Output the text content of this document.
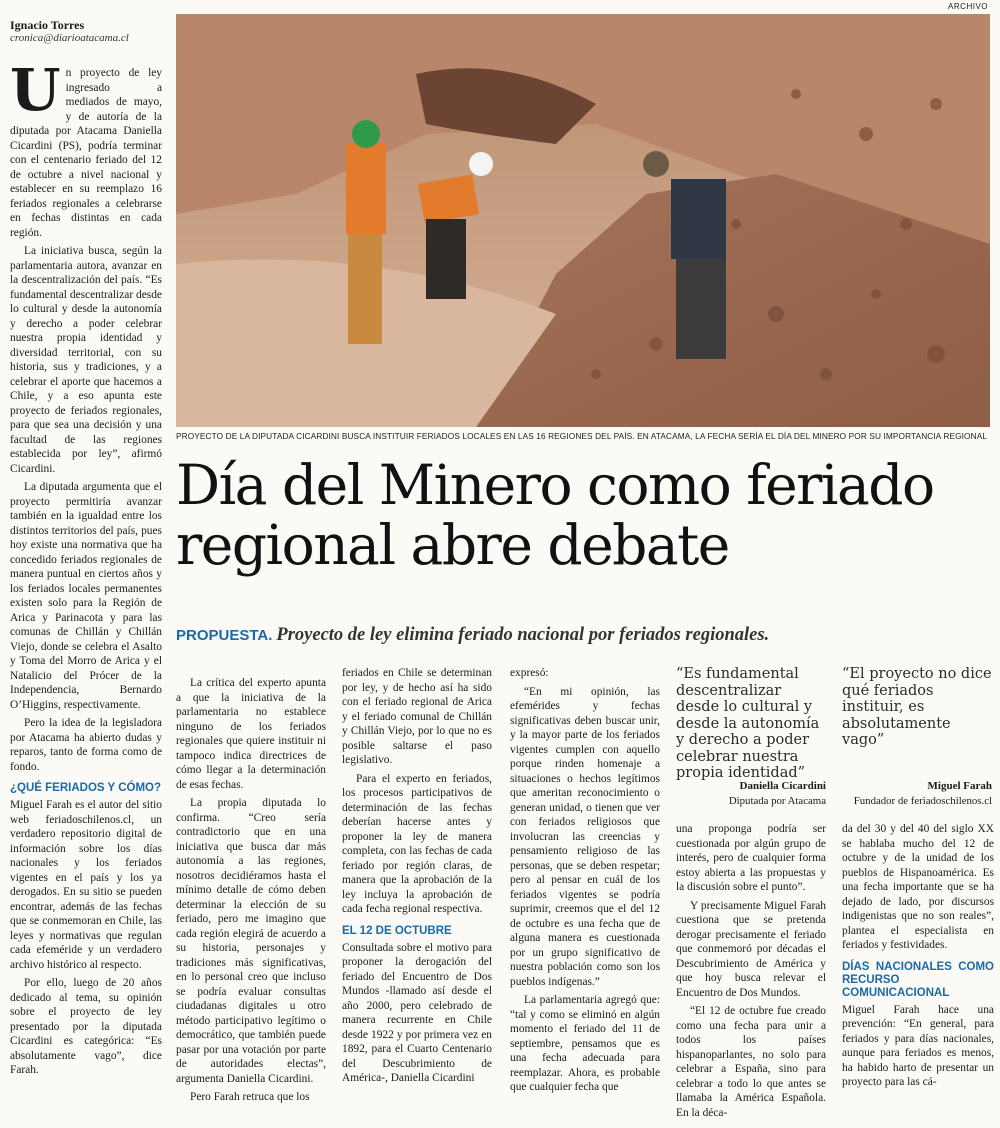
Ignacio Torres
cronica@diarioatacama.cl
ARCHIVO
PROYECTO DE LA DIPUTADA CICARDINI BUSCA INSTITUIR FERIADOS LOCALES EN LAS 16 REGIONES DEL PAÍS. EN ATACAMA, LA FECHA SERÍA EL DÍA DEL MINERO POR SU IMPORTANCIA REGIONAL
Día del Minero como feriado regional abre debate
PROPUESTA. Proyecto de ley elimina feriado nacional por feriados regionales.

Un proyecto de ley ingresado a mediados de mayo, y de autoría de la diputada por Atacama Daniella Cicardini (PS), podría terminar con el centenario feriado del 12 de octubre a nivel nacional y establecer en su reemplazo 16 feriados regionales a celebrarse en fechas distintas en cada región.

La iniciativa busca, según la parlamentaria autora, avanzar en la descentralización del país. “Es fundamental descentralizar desde lo cultural y desde la autonomía y derecho a poder celebrar nuestra propia identidad y diversidad territorial, con su historia, sus y tradiciones, y a celebrar el aporte que hacemos a Chile, y a eso apunta este proyecto de feriados regionales, para que sea una decisión y una facultad de las regiones establecida por ley”, afirmó Cicardini.

La diputada argumenta que el proyecto permitiría avanzar también en la igualdad entre los distintos territorios del país, pues hoy existe una normativa que ha concedido feriados regionales de manera puntual en ciertos años y los feriados locales permanentes existen solo para la Región de Arica y Parinacota y para las comunas de Chillán y Chillán Viejo, donde se celebra el Asalto y Toma del Morro de Arica y el Natalicio del Prócer de la Independencia, Bernardo O’Higgins, respectivamente.

Pero la idea de la legisladora por Atacama ha abierto dudas y reparos, tanto de forma como de fondo.

¿QUÉ FERIADOS Y CÓMO?

Miguel Farah es el autor del sitio web feriadoschilenos.cl, un verdadero repositorio digital de información sobre los días nacionales y los feriados vigentes en el país y los ya derogados. En su sitio se pueden encontrar, además de las fechas que se conmemoran en Chile, las leyes y normativas que regulan cada efeméride y un verdadero archivo histórico al respecto.

Por ello, luego de 20 años dedicado al tema, su opinión sobre el proyecto de ley presentado por la diputada Cicardini es categórica: “Es absolutamente vago”, dice Farah.

La crítica del experto apunta a que la iniciativa de la parlamentaria no establece ninguno de los feriados regionales que quiere instituir ni tampoco indica directrices de cómo llegar a la determinación de esas fechas.

La propia diputada lo confirma. “Creo sería contradictorio que en una iniciativa que busca dar más autonomía a las regiones, nosotros decidiéramos hasta el mínimo detalle de cómo deben determinar la elección de su feriado, pero me imagino que cada región elegirá de acuerdo a su historia, personajes y tradiciones más significativas, en lo personal creo que incluso se podría evaluar consultas ciudadanas digitales u otro método participativo legítimo o democrático, que también puede pasar por una votación por parte de autoridades electas”, argumenta Daniella Cicardini.

Pero Farah retruca que los

feriados en Chile se determinan por ley, y de hecho así ha sido con el feriado regional de Arica y el feriado comunal de Chillán y Chillán Viejo, por lo que no es posible saltarse el paso legislativo.

Para el experto en feriados, los procesos participativos de determinación de las fechas deberían hacerse antes y proponer la ley de manera completa, con las fechas de cada feriado por región claras, de manera que la aprobación de la ley incluya la aprobación de cada fecha regional respectiva.

EL 12 DE OCTUBRE

Consultada sobre el motivo para proponer la derogación del feriado del Encuentro de Dos Mundos -llamado así desde el año 2000, pero celebrado de manera recurrente en Chile desde 1922 y por primera vez en 1892, para el Cuarto Centenario del Descubrimiento de América-, Daniella Cicardini

expresó:

“En mi opinión, las efemérides y fechas significativas deben buscar unir, y la mayor parte de los feriados vigentes cumplen con aquello porque rinden homenaje a situaciones o hechos legítimos que ameritan reconocimiento o generan unidad, o tienen que ver con feriados religiosos que involucran las creencias y pensamiento religioso de las personas, que se deben respetar; pero al pensar en cuál de los feriados vigentes se podría suprimir, creemos que el del 12 de octubre es una fecha que de alguna manera es cuestionada por un grupo significativo de nuestra población como son los pueblos indígenas.”

La parlamentaria agregó que: “tal y como se eliminó en algún momento el feriado del 11 de septiembre, pensamos que es una fecha adecuada para reemplazar. Ahora, es probable que cualquier fecha que

“Es fundamental descentralizar desde lo cultural y desde la autonomía y derecho a poder celebrar nuestra propia identidad”
Daniella Cicardini
Diputada por Atacama
“El proyecto no dice qué feriados instituir, es absolutamente vago”
Miguel Farah
Fundador de feriadoschilenos.cl

una proponga podría ser cuestionada por algún grupo de interés, pero de cualquier forma estoy abierta a las propuestas y la discusión sobre el punto”.

Y precisamente Miguel Farah cuestiona que se pretenda derogar precisamente el feriado que conmemoró por décadas el Descubrimiento de América y que hoy busca relevar el Encuentro de Dos Mundos.

“El 12 de octubre fue creado como una fecha para unir a todos los países hispanoparlantes, no solo para celebrar a España, sino para celebrar a todo lo que antes se llamaba la América Española. En la déca-

da del 30 y del 40 del siglo XX se hablaba mucho del 12 de octubre y de la unidad de los pueblos de Hispanoamérica. Es una fecha importante que se ha dejado de lado, por discursos indigenistas que no son reales”, plantea el especialista en feriados y festividades.

DÍAS NACIONALES COMO RECURSO COMUNICACIONAL

Miguel Farah hace una prevención: “En general, para feriados y para días nacionales, aunque para feriados es menos, ha habido harto de presentar un proyecto para las cá-
